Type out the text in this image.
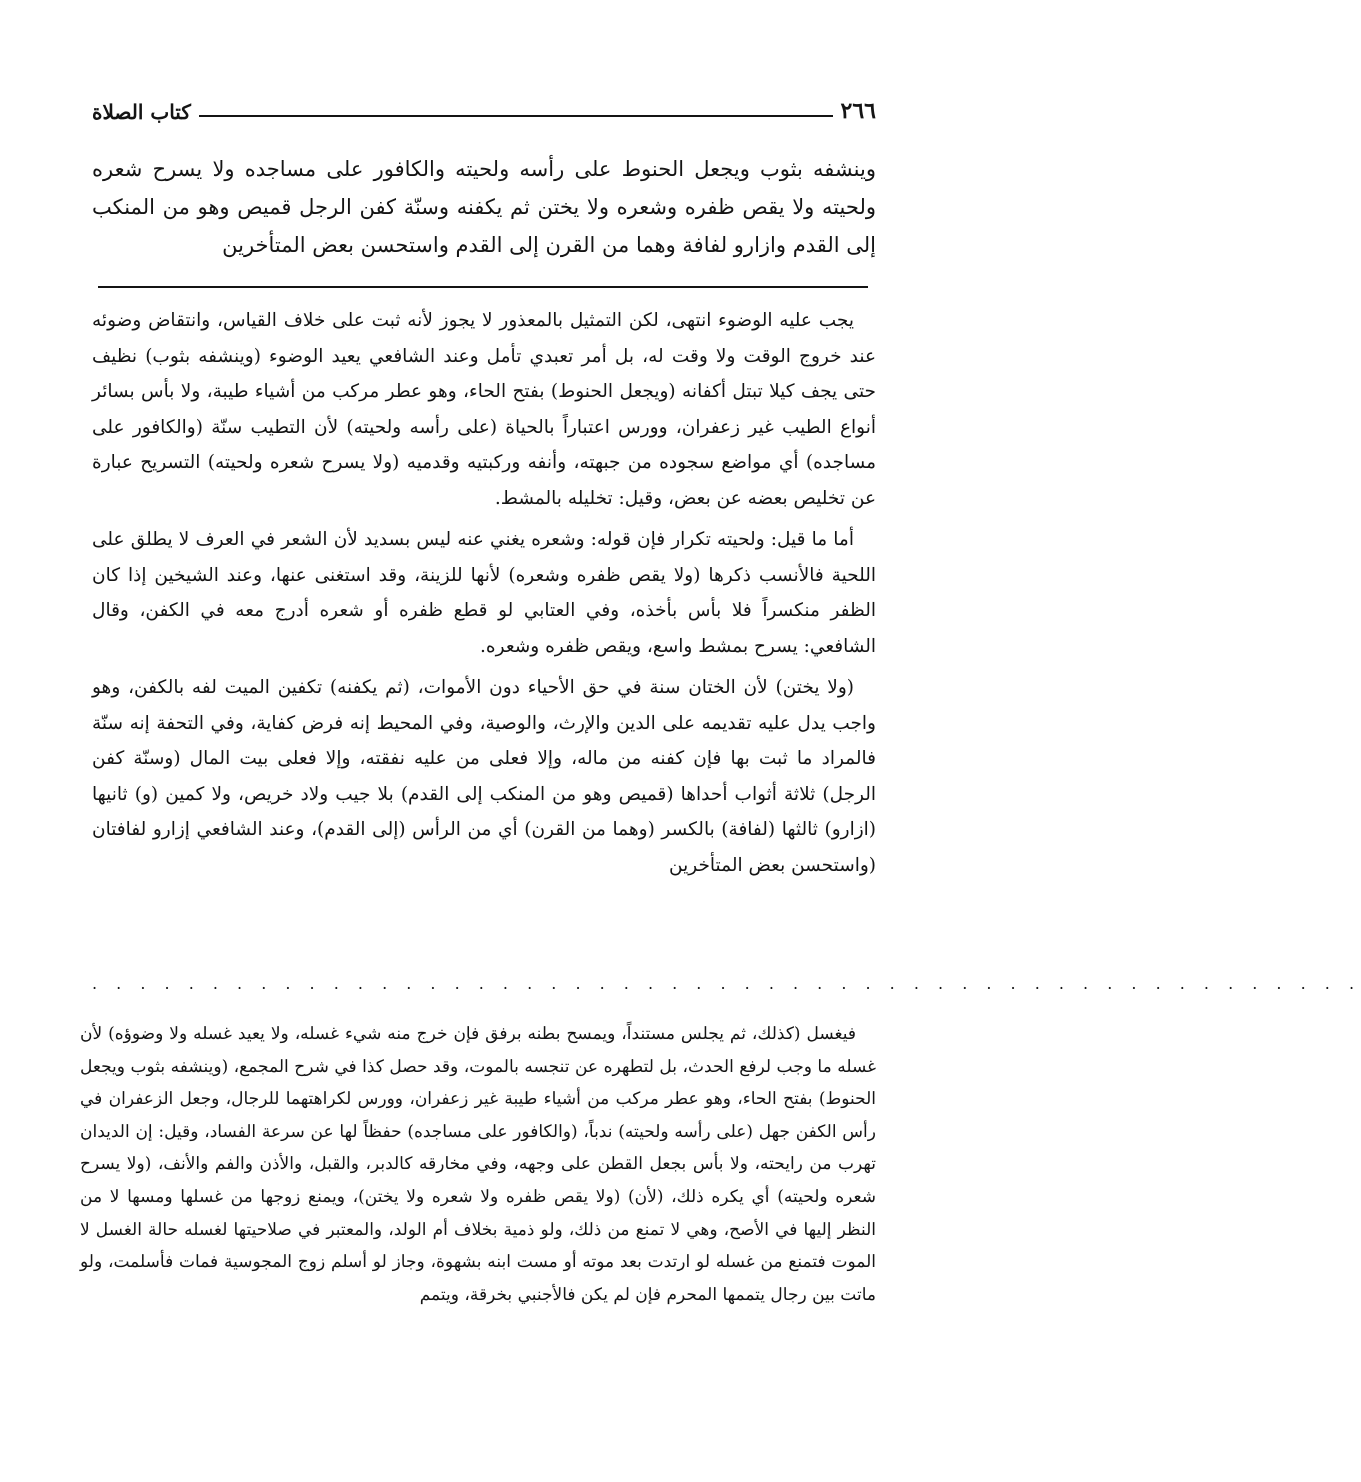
٢٦٦
كتاب الصلاة

وينشفه بثوب ويجعل الحنوط على رأسه ولحيته والكافور على مساجده ولا يسرح شعره ولحيته ولا يقص ظفره وشعره ولا يختن ثم يكفنه وسنّة كفن الرجل قميص وهو من المنكب إلى القدم وازارو لفافة وهما من القرن إلى القدم واستحسن بعض المتأخرين

يجب عليه الوضوء انتهى، لكن التمثيل بالمعذور لا يجوز لأنه ثبت على خلاف القياس، وانتقاض وضوئه عند خروج الوقت ولا وقت له، بل أمر تعبدي تأمل وعند الشافعي يعيد الوضوء (وينشفه بثوب) نظيف حتى يجف كيلا تبتل أكفانه (ويجعل الحنوط) بفتح الحاء، وهو عطر مركب من أشياء طيبة، ولا بأس بسائر أنواع الطيب غير زعفران، وورس اعتباراً بالحياة (على رأسه ولحيته) لأن التطيب سنّة (والكافور على مساجده) أي مواضع سجوده من جبهته، وأنفه وركبتيه وقدميه (ولا يسرح شعره ولحيته) التسريح عبارة عن تخليص بعضه عن بعض، وقيل: تخليله بالمشط.

أما ما قيل: ولحيته تكرار فإن قوله: وشعره يغني عنه ليس بسديد لأن الشعر في العرف لا يطلق على اللحية فالأنسب ذكرها (ولا يقص ظفره وشعره) لأنها للزينة، وقد استغنى عنها، وعند الشيخين إذا كان الظفر منكسراً فلا بأس بأخذه، وفي العتابي لو قطع ظفره أو شعره أدرج معه في الكفن، وقال الشافعي: يسرح بمشط واسع، ويقص ظفره وشعره.

(ولا يختن) لأن الختان سنة في حق الأحياء دون الأموات، (ثم يكفنه) تكفين الميت لفه بالكفن، وهو واجب يدل عليه تقديمه على الدين والإرث، والوصية، وفي المحيط إنه فرض كفاية، وفي التحفة إنه سنّة فالمراد ما ثبت بها فإن كفنه من ماله، وإلا فعلى من عليه نفقته، وإلا فعلى بيت المال (وسنّة كفن الرجل) ثلاثة أثواب أحداها (قميص وهو من المنكب إلى القدم) بلا جيب ولاد خريص، ولا كمين (و) ثانيها (ازارو) ثالثها (لفافة) بالكسر (وهما من القرن) أي من الرأس (إلى القدم)، وعند الشافعي إزارو لفافتان (واستحسن بعض المتأخرين

. . . . . . . . . . . . . . . . . . . . . . . . . . . . . . . . . . . . . . . . . . . . . . . . . . . . .

فيغسل (كذلك، ثم يجلس مستنداً، ويمسح بطنه برفق فإن خرج منه شيء غسله، ولا يعيد غسله ولا وضوؤه) لأن غسله ما وجب لرفع الحدث، بل لتطهره عن تنجسه بالموت، وقد حصل كذا في شرح المجمع، (وينشفه بثوب ويجعل الحنوط) بفتح الحاء، وهو عطر مركب من أشياء طيبة غير زعفران، وورس لكراهتهما للرجال، وجعل الزعفران في رأس الكفن جهل (على رأسه ولحيته) ندباً، (والكافور على مساجده) حفظاً لها عن سرعة الفساد، وقيل: إن الديدان تهرب من رايحته، ولا بأس بجعل القطن على وجهه، وفي مخارقه كالدبر، والقبل، والأذن والفم والأنف، (ولا يسرح شعره ولحيته) أي يكره ذلك، (لأن) (ولا يقص ظفره ولا شعره ولا يختن)، ويمنع زوجها من غسلها ومسها لا من النظر إليها في الأصح، وهي لا تمنع من ذلك، ولو ذمية بخلاف أم الولد، والمعتبر في صلاحيتها لغسله حالة الغسل لا الموت فتمنع من غسله لو ارتدت بعد موته أو مست ابنه بشهوة، وجاز لو أسلم زوج المجوسية فمات فأسلمت، ولو ماتت بين رجال يتممها المحرم فإن لم يكن فالأجنبي بخرقة، ويتمم
